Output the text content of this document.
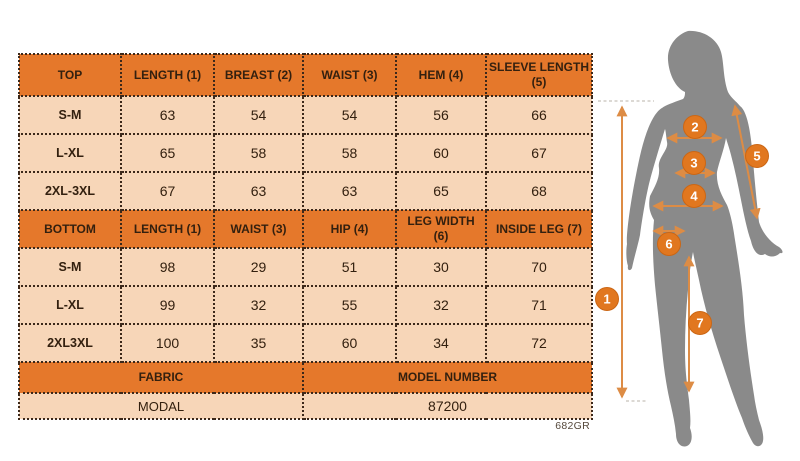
TOP	LENGTH (1)	BREAST (2)	WAIST (3)	HEM (4)	SLEEVE LENGTH (5)
S-M	63	54	54	56	66
L-XL	65	58	58	60	67
2XL-3XL	67	63	63	65	68
BOTTOM	LENGTH (1)	WAIST (3)	HIP (4)	LEG WIDTH (6)	INSIDE LEG (7)
S-M	98	29	51	30	70
L-XL	99	32	55	32	71
2XL3XL	100	35	60	34	72
FABRIC			MODEL NUMBER		
MODAL			87200		
682GR
1
2
3
4
5
6
7
